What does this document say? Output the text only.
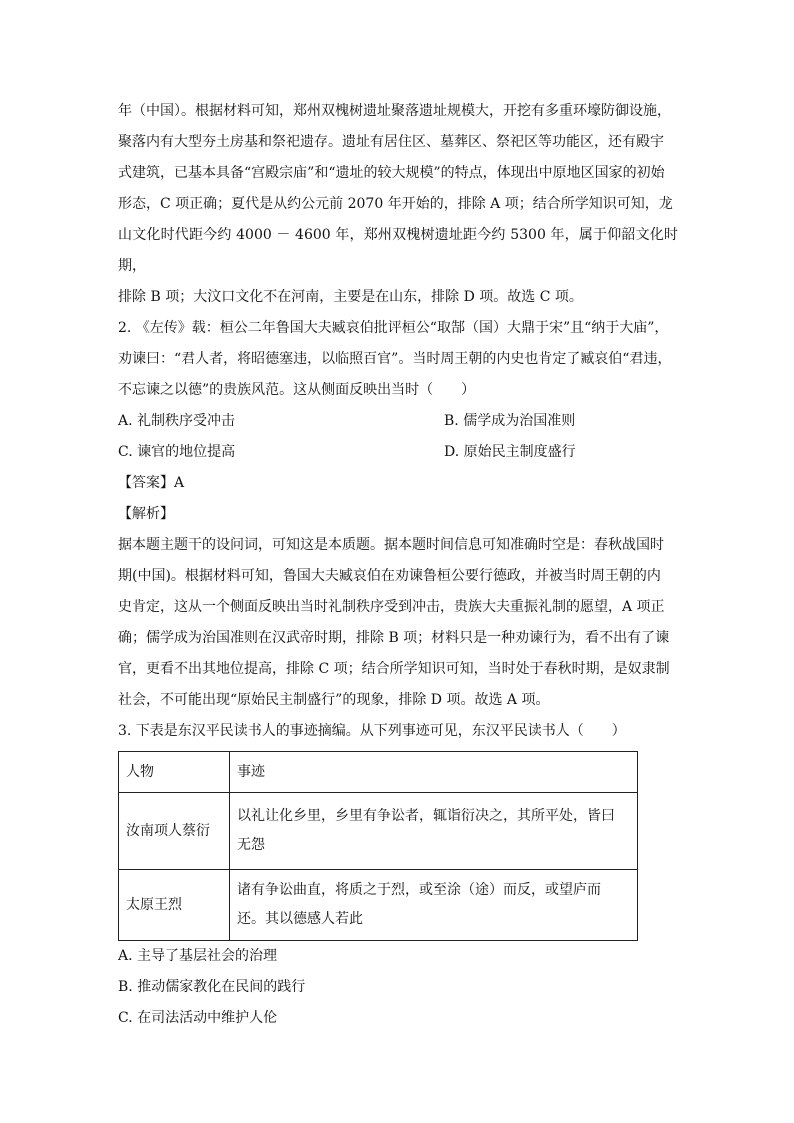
年（中国）。根据材料可知，郑州双槐树遗址聚落遗址规模大，开挖有多重环壕防御设施，

聚落内有大型夯土房基和祭祀遗存。遗址有居住区、墓葬区、祭祀区等功能区，还有殿宇

式建筑，已基本具备“宫殿宗庙”和“遗址的较大规模”的特点，体现出中原地区国家的初始

形态，C 项正确；夏代是从约公元前 2070 年开始的，排除 A 项；结合所学知识可知，龙

山文化时代距今约 4000 － 4600 年，郑州双槐树遗址距今约 5300 年，属于仰韶文化时期，

排除 B 项；大汶口文化不在河南，主要是在山东，排除 D 项。故选 C 项。

2. 《左传》载：桓公二年鲁国大夫臧哀伯批评桓公“取郜（国）大鼎于宋”且“纳于大庙”，

劝谏曰：“君人者，将昭德塞违，以临照百官”。当时周王朝的内史也肯定了臧哀伯“君违，

不忘谏之以德”的贵族风范。这从侧面反映出当时（　　）

A. 礼制秩序受冲击	B. 儒学成为治国准则
C. 谏官的地位提高	D. 原始民主制度盛行

【答案】A

【解析】

据本题主题干的设问词，可知这是本质题。据本题时间信息可知准确时空是：春秋战国时

期(中国)。根据材料可知，鲁国大夫臧哀伯在劝谏鲁桓公要行德政，并被当时周王朝的内

史肯定，这从一个侧面反映出当时礼制秩序受到冲击，贵族大夫重振礼制的愿望，A 项正

确；儒学成为治国准则在汉武帝时期，排除 B 项；材料只是一种劝谏行为，看不出有了谏

官，更看不出其地位提高，排除 C 项；结合所学知识可知，当时处于春秋时期，是奴隶制

社会，不可能出现“原始民主制盛行”的现象，排除 D 项。故选 A 项。

3. 下表是东汉平民读书人的事迹摘编。从下列事迹可见，东汉平民读书人（　　）

人物	事迹
汝南项人蔡衍	以礼让化乡里，乡里有争讼者，辄诣衍决之，其所平处，皆曰
无怨

太原王烈	诸有争讼曲直，将质之于烈，或至涂（途）而反，或望庐而
还。其以德感人若此

A. 主导了基层社会的治理

B. 推动儒家教化在民间的践行

C. 在司法活动中维护人伦
